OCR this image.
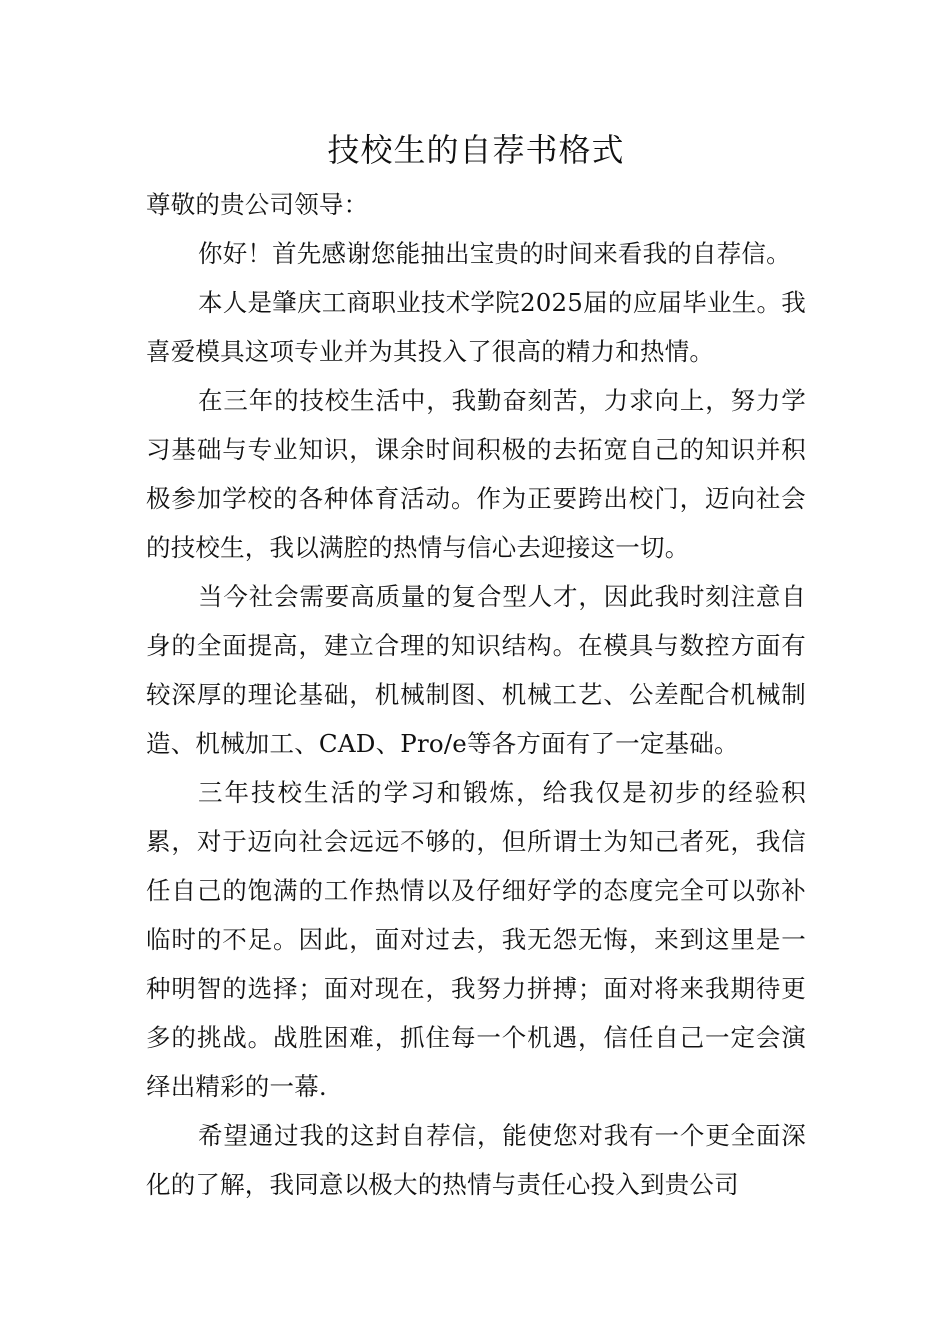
技校生的自荐书格式

尊敬的贵公司领导：

你好！首先感谢您能抽出宝贵的时间来看我的自荐信。

本人是肇庆工商职业技术学院2025届的应届毕业生。我喜爱模具这项专业并为其投入了很高的精力和热情。

在三年的技校生活中，我勤奋刻苦，力求向上，努力学习基础与专业知识，课余时间积极的去拓宽自己的知识并积极参加学校的各种体育活动。作为正要跨出校门，迈向社会的技校生，我以满腔的热情与信心去迎接这一切。

当今社会需要高质量的复合型人才，因此我时刻注意自身的全面提高，建立合理的知识结构。在模具与数控方面有较深厚的理论基础，机械制图、机械工艺、公差配合机械制造、机械加工、CAD、Pro/e等各方面有了一定基础。

三年技校生活的学习和锻炼，给我仅是初步的经验积累，对于迈向社会远远不够的，但所谓士为知己者死，我信任自己的饱满的工作热情以及仔细好学的态度完全可以弥补临时的不足。因此，面对过去，我无怨无悔，来到这里是一种明智的选择；面对现在，我努力拼搏；面对将来我期待更多的挑战。战胜困难，抓住每一个机遇，信任自己一定会演绎出精彩的一幕.

希望通过我的这封自荐信，能使您对我有一个更全面深化的了解，我同意以极大的热情与责任心投入到贵公司
